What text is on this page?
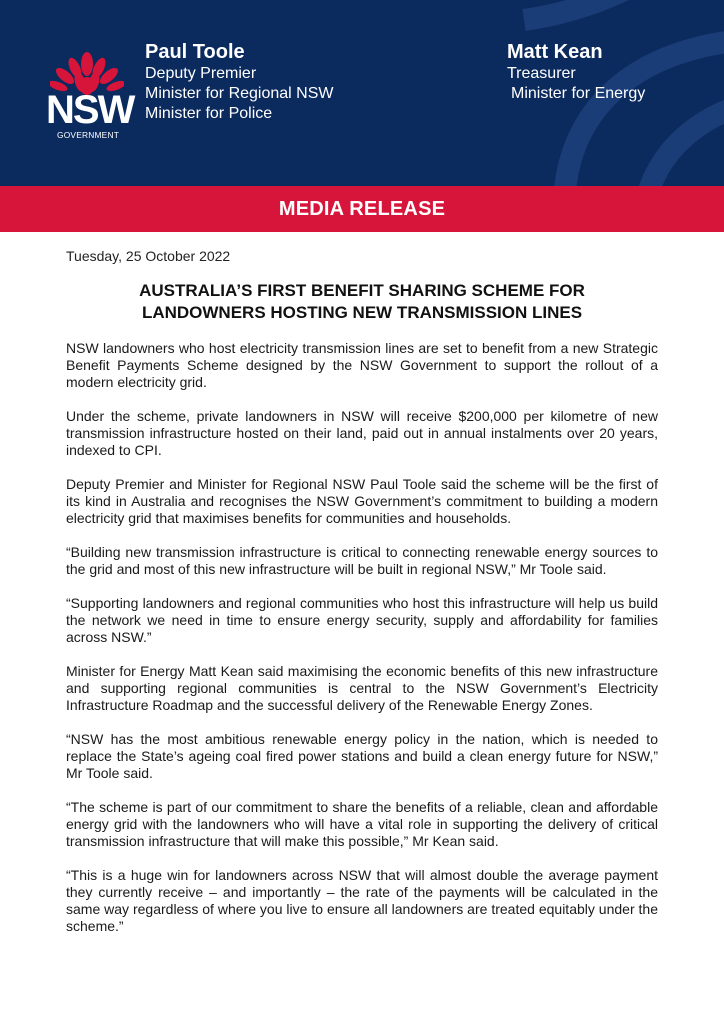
NSW
GOVERNMENT
Paul Toole
Deputy Premier
Minister for Regional NSW
Minister for Police
Matt Kean
Treasurer
Minister for Energy
MEDIA RELEASE
Tuesday, 25 October 2022
AUSTRALIA’S FIRST BENEFIT SHARING SCHEME FOR
LANDOWNERS HOSTING NEW TRANSMISSION LINES

NSW landowners who host electricity transmission lines are set to benefit from a new Strategic Benefit Payments Scheme designed by the NSW Government to support the rollout of a modern electricity grid.

Under the scheme, private landowners in NSW will receive $200,000 per kilometre of new transmission infrastructure hosted on their land, paid out in annual instalments over 20 years, indexed to CPI.

Deputy Premier and Minister for Regional NSW Paul Toole said the scheme will be the first of its kind in Australia and recognises the NSW Government’s commitment to building a modern electricity grid that maximises benefits for communities and households.

“Building new transmission infrastructure is critical to connecting renewable energy sources to the grid and most of this new infrastructure will be built in regional NSW,” Mr Toole said.

“Supporting landowners and regional communities who host this infrastructure will help us build the network we need in time to ensure energy security, supply and affordability for families across NSW.”

Minister for Energy Matt Kean said maximising the economic benefits of this new infrastructure and supporting regional communities is central to the NSW Government’s Electricity Infrastructure Roadmap and the successful delivery of the Renewable Energy Zones.

“NSW has the most ambitious renewable energy policy in the nation, which is needed to replace the State’s ageing coal fired power stations and build a clean energy future for NSW,” Mr Toole said.

“The scheme is part of our commitment to share the benefits of a reliable, clean and affordable energy grid with the landowners who will have a vital role in supporting the delivery of critical transmission infrastructure that will make this possible,” Mr Kean said.

“This is a huge win for landowners across NSW that will almost double the average payment they currently receive – and importantly – the rate of the payments will be calculated in the same way regardless of where you live to ensure all landowners are treated equitably under the scheme.”
